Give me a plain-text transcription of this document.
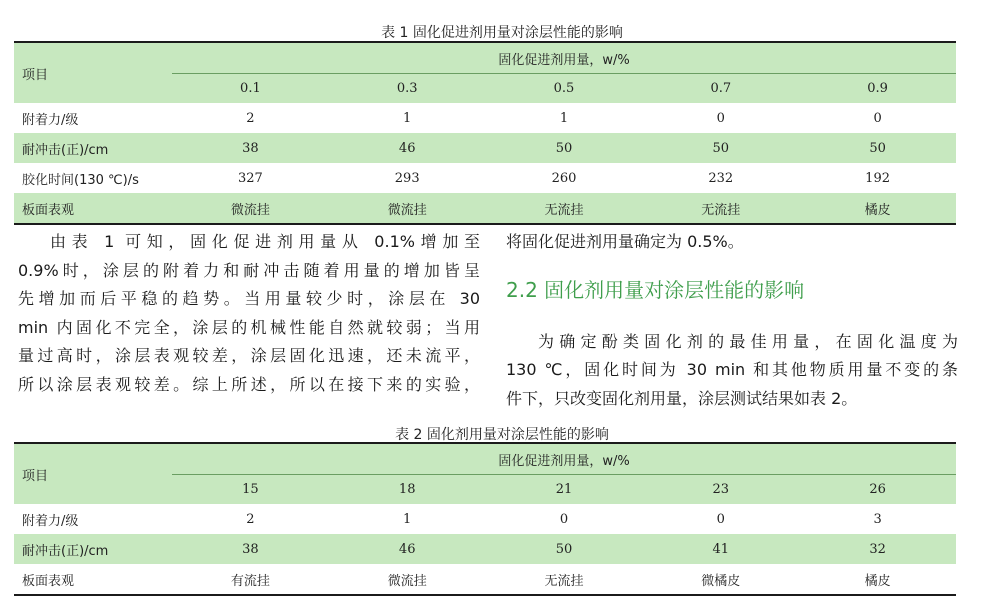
表 1 固化促进剂用量对涂层性能的影响
项目	固化促进剂用量，w/%				
	0.1	0.3	0.5	0.7	0.9
附着力/级	2	1	1	0	0
耐冲击(正)/cm	38	46	50	50	50
胶化时间(130 ℃)/s	327	293	260	232	192
板面表观	微流挂	微流挂	无流挂	无流挂	橘皮

由表 1 可知，固化促进剂用量从 0.1%增加至

0.9%时，涂层的附着力和耐冲击随着用量的增加皆呈

先增加而后平稳的趋势。当用量较少时，涂层在 30

min 内固化不完全，涂层的机械性能自然就较弱；当用

量过高时，涂层表观较差，涂层固化迅速，还未流平，

所以涂层表观较差。综上所述，所以在接下来的实验，

将固化促进剂用量确定为 0.5%。

2.2 固化剂用量对涂层性能的影响

为确定酚类固化剂的最佳用量，在固化温度为

130 ℃，固化时间为 30 min 和其他物质用量不变的条

件下，只改变固化剂用量，涂层测试结果如表 2。

表 2 固化剂用量对涂层性能的影响
项目	固化促进剂用量，w/%				
	15	18	21	23	26
附着力/级	2	1	0	0	3
耐冲击(正)/cm	38	46	50	41	32
板面表观	有流挂	微流挂	无流挂	微橘皮	橘皮
